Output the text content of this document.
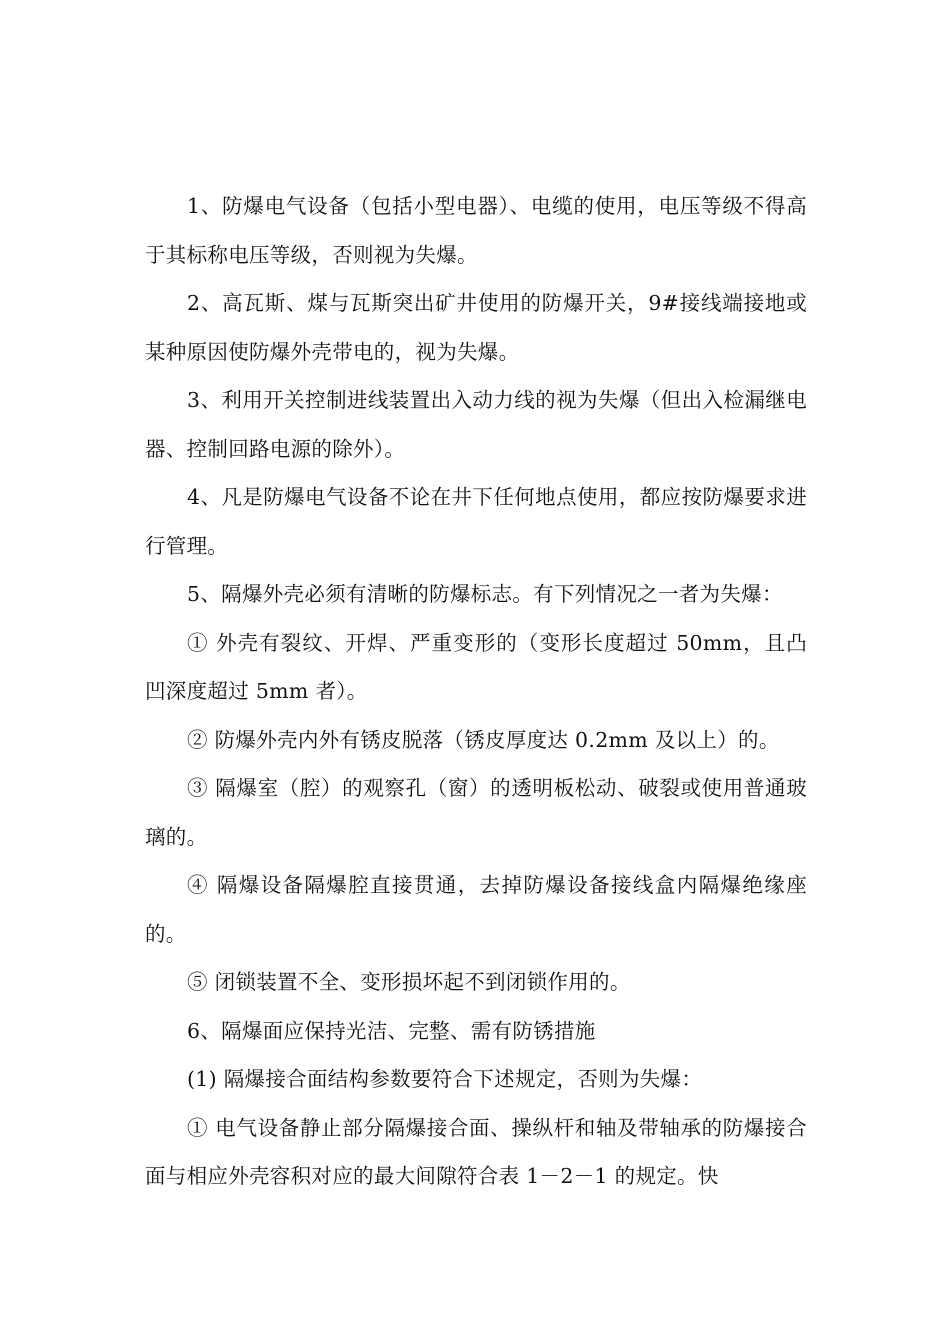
1、防爆电气设备（包括小型电器）、电缆的使用，电压等级不得高于其标称电压等级，否则视为失爆。

2、高瓦斯、煤与瓦斯突出矿井使用的防爆开关，9#接线端接地或某种原因使防爆外壳带电的，视为失爆。

3、利用开关控制进线装置出入动力线的视为失爆（但出入检漏继电器、控制回路电源的除外）。

4、凡是防爆电气设备不论在井下任何地点使用，都应按防爆要求进行管理。

5、隔爆外壳必须有清晰的防爆标志。有下列情况之一者为失爆：

① 外壳有裂纹、开焊、严重变形的（变形长度超过 50mm，且凸凹深度超过 5mm 者）。

② 防爆外壳内外有锈皮脱落（锈皮厚度达 0.2mm 及以上）的。

③ 隔爆室（腔）的观察孔（窗）的透明板松动、破裂或使用普通玻璃的。

④ 隔爆设备隔爆腔直接贯通，去掉防爆设备接线盒内隔爆绝缘座的。

⑤ 闭锁装置不全、变形损坏起不到闭锁作用的。

6、隔爆面应保持光洁、完整、需有防锈措施

(1) 隔爆接合面结构参数要符合下述规定，否则为失爆：

① 电气设备静止部分隔爆接合面、操纵杆和轴及带轴承的防爆接合面与相应外壳容积对应的最大间隙符合表 1－2－1 的规定。快
